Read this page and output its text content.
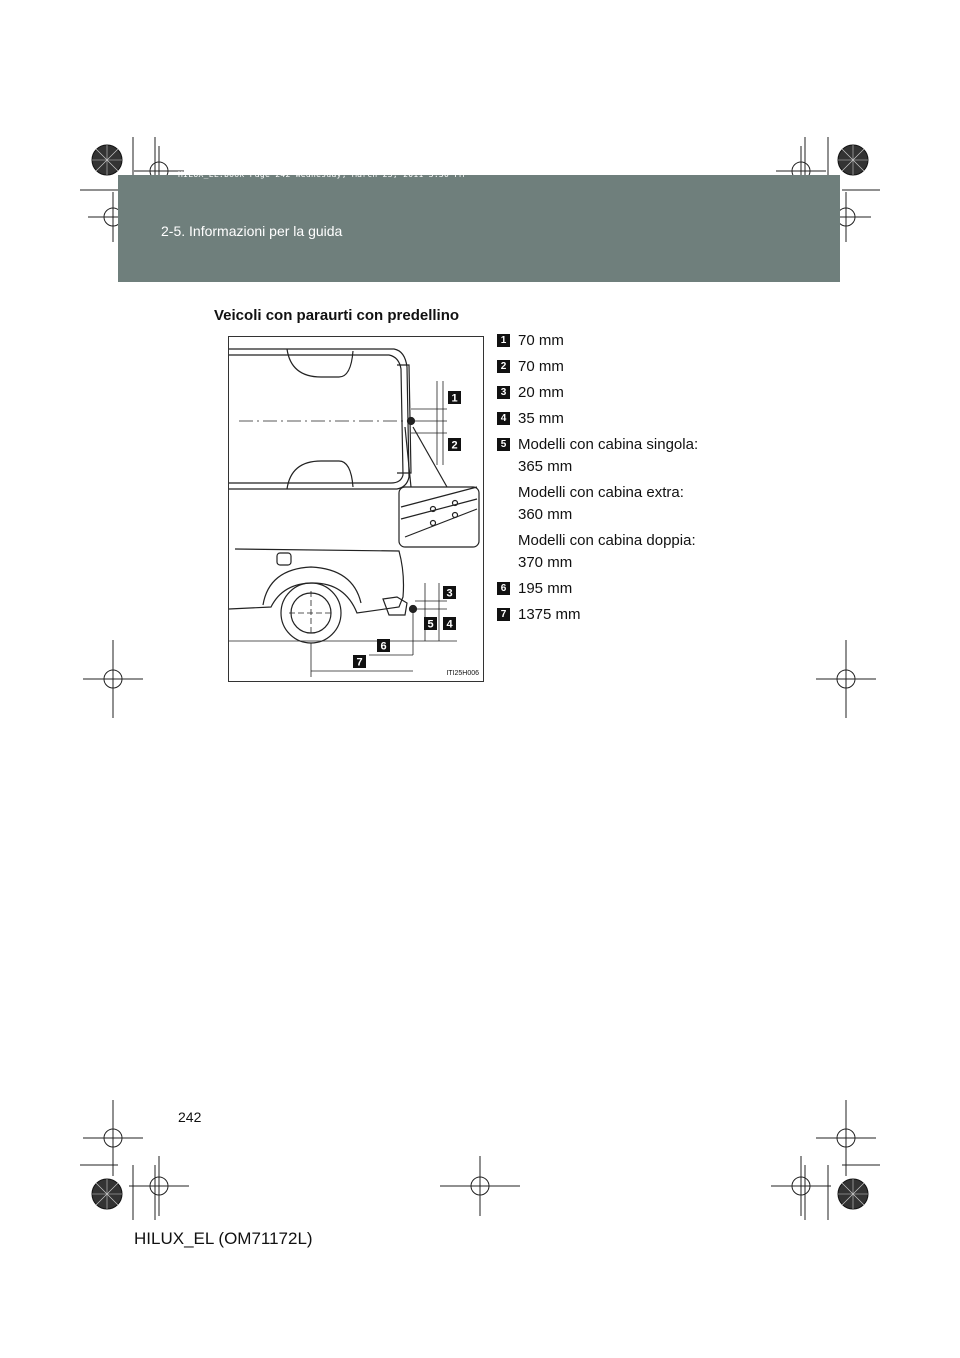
HILUX_EL.book Page 242 Wednesday, March 23, 2011 3:30 PM
2-5. Informazioni per la guida
Veicoli con paraurti con predellino
1
2
3
4
5
6
7
ITI25H006
1 70 mm
2 70 mm
3 20 mm
4 35 mm
5 Modelli con cabina singola:
365 mm
Modelli con cabina extra:
360 mm
Modelli con cabina doppia:
370 mm
6 195 mm
7 1375 mm
242
HILUX_EL (OM71172L)
